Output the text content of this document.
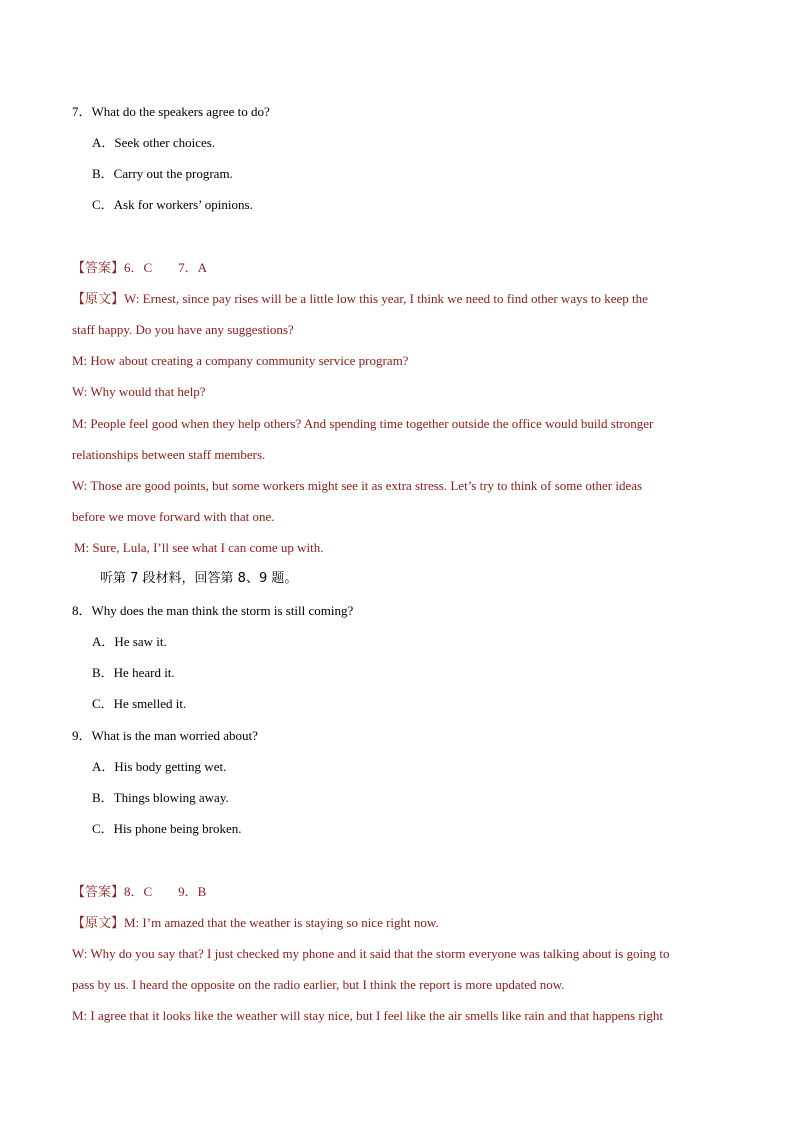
7．What do the speakers agree to do?
A．Seek other choices.
B．Carry out the program.
C．Ask for workers’ opinions.
【答案】6．C　　7．A
【原文】W: Ernest, since pay rises will be a little low this year, I think we need to find other ways to keep the
staff happy. Do you have any suggestions?
M: How about creating a company community service program?
W: Why would that help?
M: People feel good when they help others? And spending time together outside the office would build stronger
relationships between staff members.
W: Those are good points, but some workers might see it as extra stress. Let’s try to think of some other ideas
before we move forward with that one.
M: Sure, Lula, I’ll see what I can come up with.
听第 7 段材料，回答第 8、9 题。
8．Why does the man think the storm is still coming?
A．He saw it.
B．He heard it.
C．He smelled it.
9．What is the man worried about?
A．His body getting wet.
B．Things blowing away.
C．His phone being broken.
【答案】8．C　　9．B
【原文】M: I’m amazed that the weather is staying so nice right now.
W: Why do you say that? I just checked my phone and it said that the storm everyone was talking about is going to
pass by us. I heard the opposite on the radio earlier, but I think the report is more updated now.
M: I agree that it looks like the weather will stay nice, but I feel like the air smells like rain and that happens right
